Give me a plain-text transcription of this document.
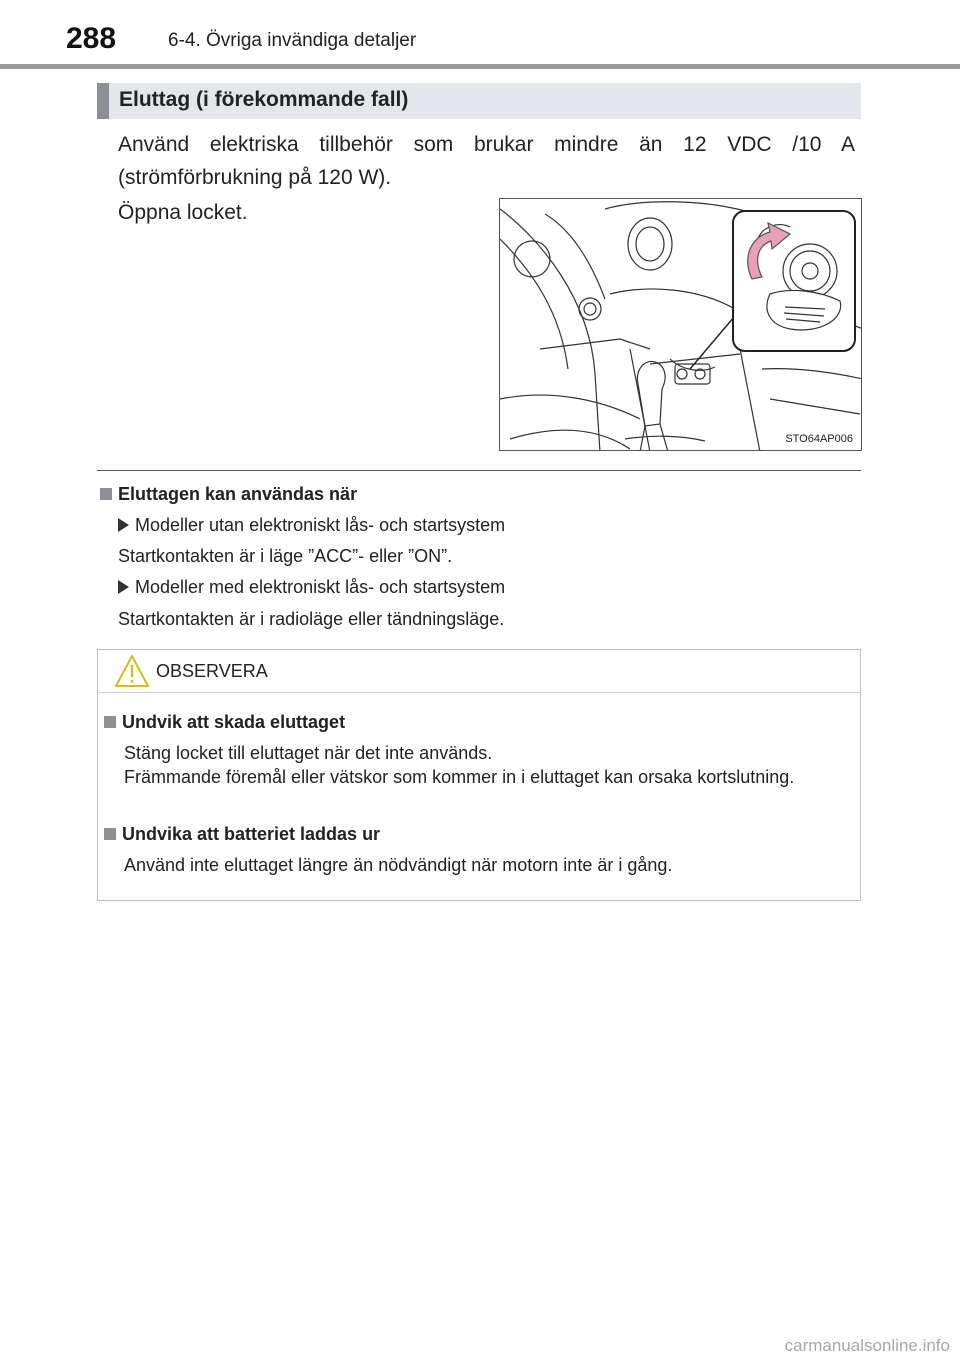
288	6-4. Övriga invändiga detaljer
Eluttag (i förekommande fall)
Använd elektriska tillbehör som brukar mindre än 12 VDC /10 A (strömförbrukning på 120 W).
Öppna locket.
STO64AP006
Eluttagen kan användas när
Modeller utan elektroniskt lås- och startsystem
Startkontakten är i läge ”ACC”- eller ”ON”.
Modeller med elektroniskt lås- och startsystem
Startkontakten är i radioläge eller tändningsläge.
OBSERVERA
Undvik att skada eluttaget
Stäng locket till eluttaget när det inte används.
Främmande föremål eller vätskor som kommer in i eluttaget kan orsaka kortslutning.
Undvika att batteriet laddas ur
Använd inte eluttaget längre än nödvändigt när motorn inte är i gång.
carmanualsonline.info
